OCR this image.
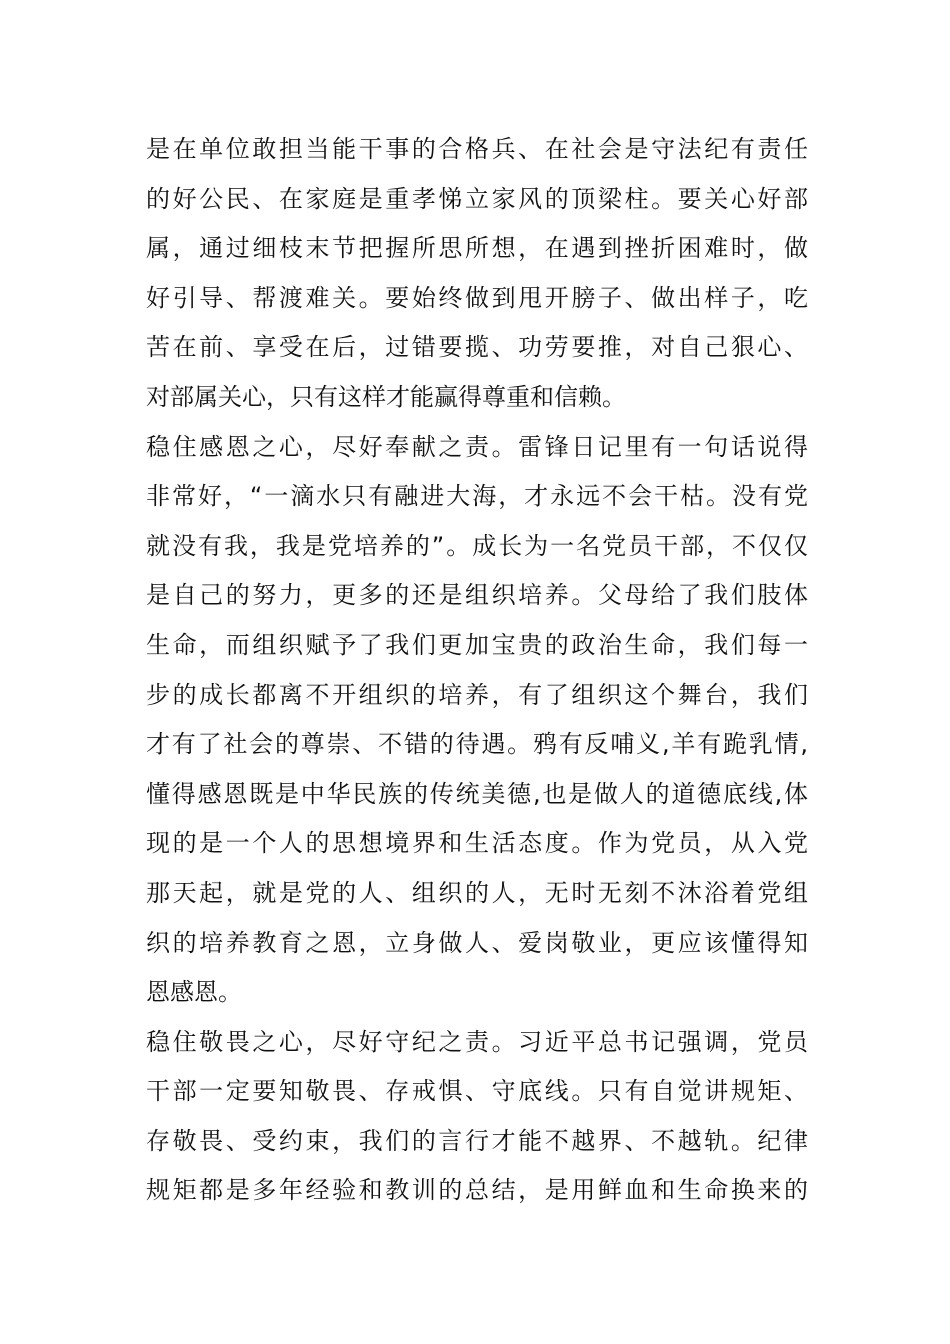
是在单位敢担当能干事的合格兵、在社会是守法纪有责任
的好公民、在家庭是重孝悌立家风的顶梁柱。要关心好部
属，通过细枝末节把握所思所想，在遇到挫折困难时，做
好引导、帮渡难关。要始终做到甩开膀子、做出样子，吃
苦在前、享受在后，过错要揽、功劳要推，对自己狠心、
对部属关心，只有这样才能赢得尊重和信赖。
稳住感恩之心，尽好奉献之责。雷锋日记里有一句话说得
非常好，“一滴水只有融进大海，才永远不会干枯。没有党
就没有我，我是党培养的”。成长为一名党员干部，不仅仅
是自己的努力，更多的还是组织培养。父母给了我们肢体
生命，而组织赋予了我们更加宝贵的政治生命，我们每一
步的成长都离不开组织的培养，有了组织这个舞台，我们
才有了社会的尊崇、不错的待遇。鸦有反哺义,羊有跪乳情,
懂得感恩既是中华民族的传统美德,也是做人的道德底线,体
现的是一个人的思想境界和生活态度。作为党员，从入党
那天起，就是党的人、组织的人，无时无刻不沐浴着党组
织的培养教育之恩，立身做人、爱岗敬业，更应该懂得知
恩感恩。
稳住敬畏之心，尽好守纪之责。习近平总书记强调，党员
干部一定要知敬畏、存戒惧、守底线。只有自觉讲规矩、
存敬畏、受约束，我们的言行才能不越界、不越轨。纪律
规矩都是多年经验和教训的总结，是用鲜血和生命换来的
